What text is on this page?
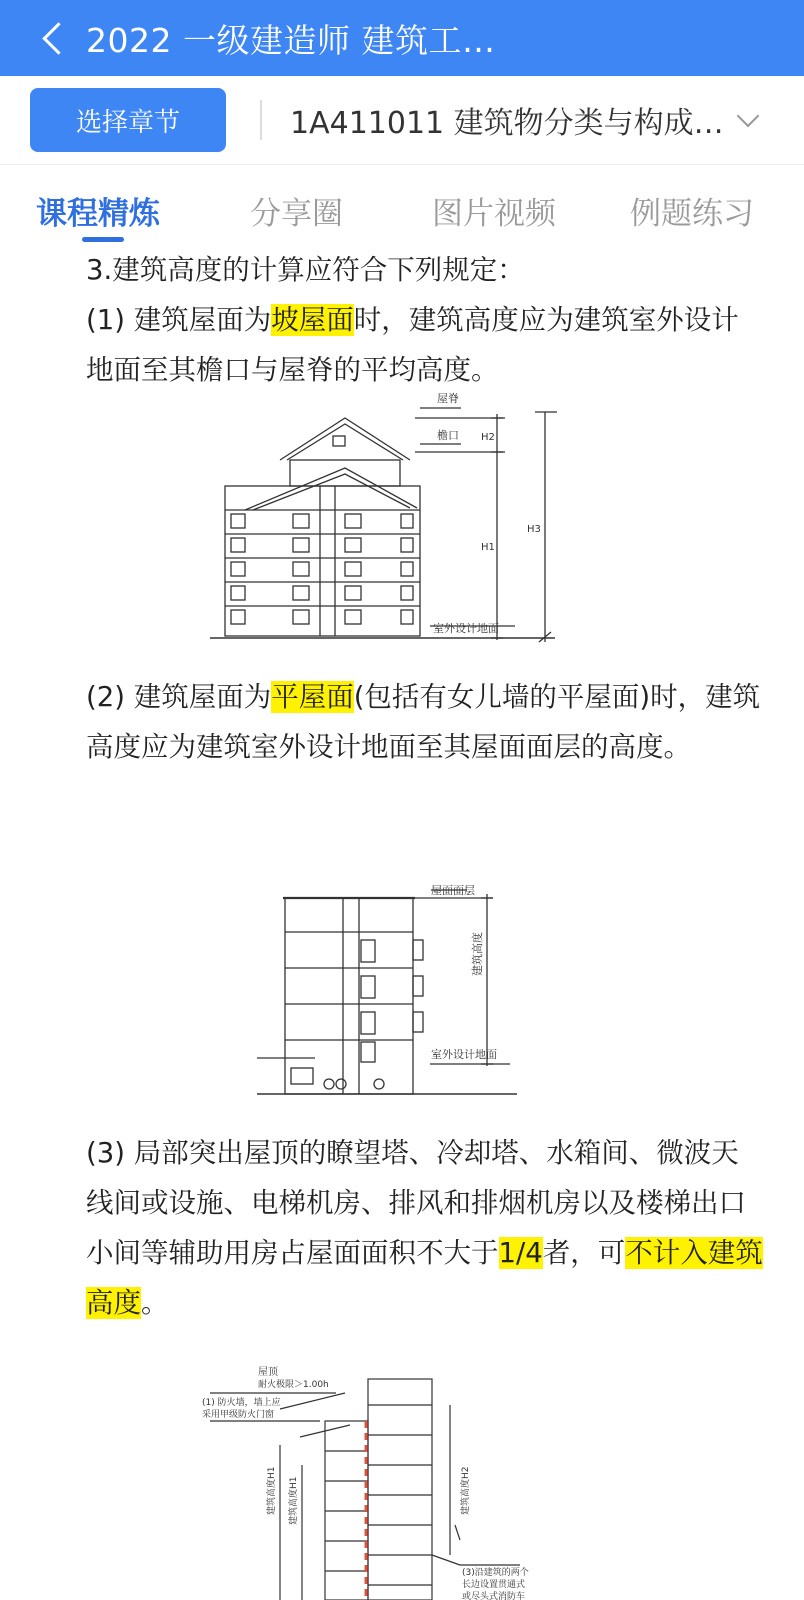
2022 一级建造师 建筑工…
选择章节	1A411011 建筑物分类与构成…
课程精炼	分享圈	图片视频 例题练习

3.建筑高度的计算应符合下列规定：

(1) 建筑屋面为坡屋面时，建筑高度应为建筑室外设计地面至其檐口与屋脊的平均高度。

屋脊
檐口 H2
H1
H3
室外设计地面

(2) 建筑屋面为平屋面(包括有女儿墙的平屋面)时，建筑高度应为建筑室外设计地面至其屋面面层的高度。

屋面面层
建筑高度
室外设计地面

(3) 局部突出屋顶的瞭望塔、冷却塔、水箱间、微波天线间或设施、电梯机房、排风和排烟机房以及楼梯出口小间等辅助用房占屋面面积不大于1/4者，可不计入建筑高度。

屋顶
耐火极限＞1.00h
(1) 防火墙，墙上应
采用甲级防火门窗
建筑高度H1 建筑高度H1	建筑高度H2
(3)沿建筑的两个
长边设置贯通式
或尽头式消防车
